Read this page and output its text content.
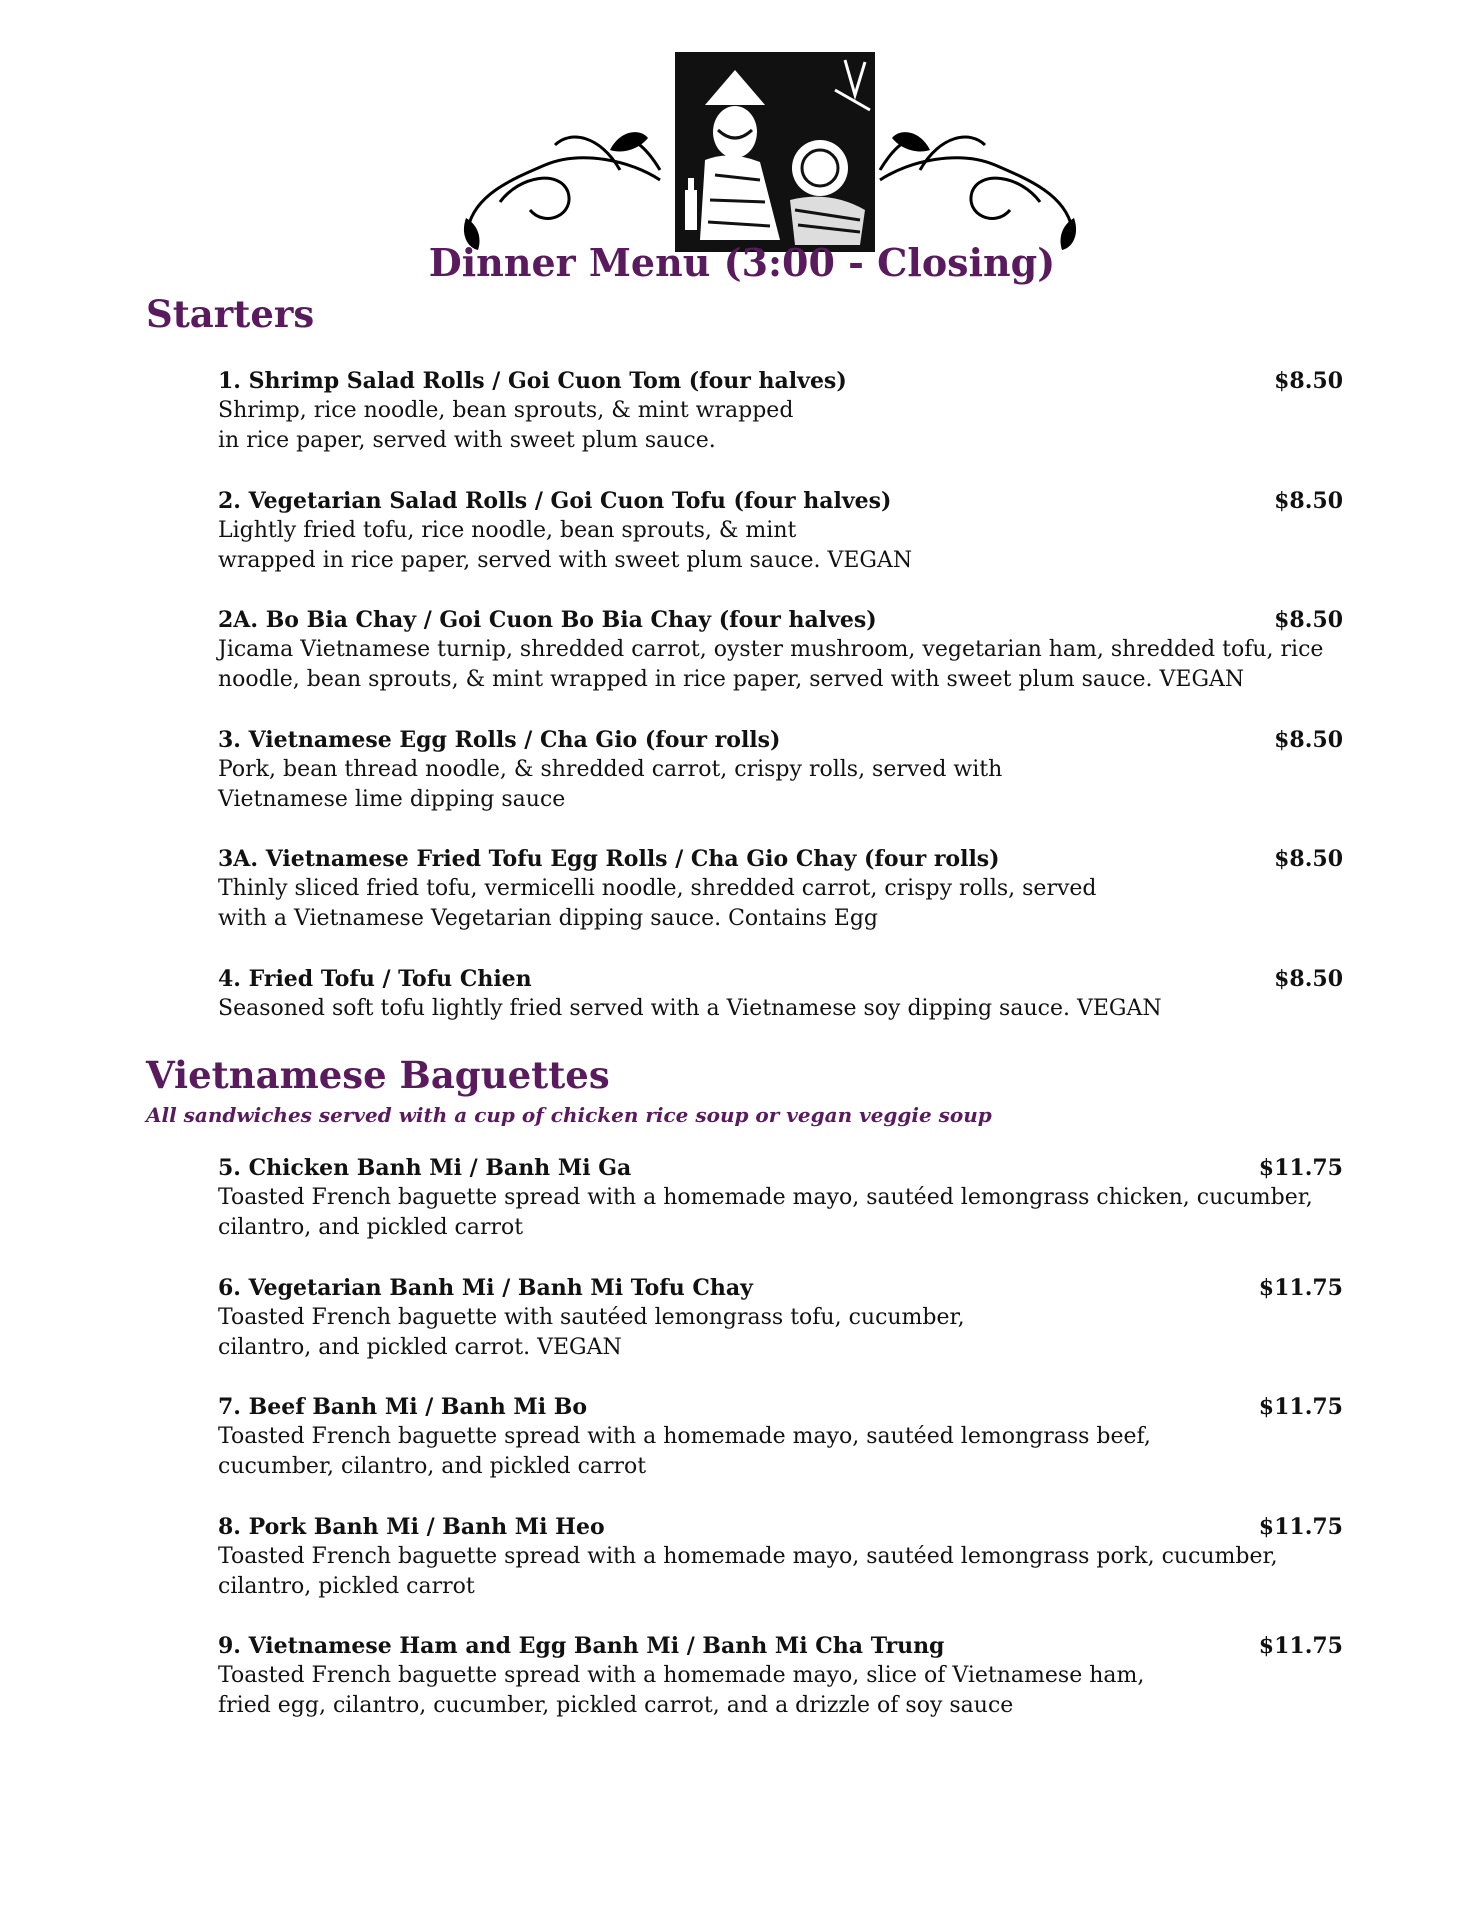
Dinner Menu (3:00 - Closing)
Starters
1. Shrimp Salad Rolls / Goi Cuon Tom (four halves)	$8.50
Shrimp, rice noodle, bean sprouts, & mint wrapped
in rice paper, served with sweet plum sauce.
2. Vegetarian Salad Rolls / Goi Cuon Tofu (four halves)	$8.50
Lightly fried tofu, rice noodle, bean sprouts, & mint
wrapped in rice paper, served with sweet plum sauce. VEGAN
2A. Bo Bia Chay / Goi Cuon Bo Bia Chay (four halves)	$8.50
Jicama Vietnamese turnip, shredded carrot, oyster mushroom, vegetarian ham, shredded tofu, rice
noodle, bean sprouts, & mint wrapped in rice paper, served with sweet plum sauce. VEGAN
3. Vietnamese Egg Rolls / Cha Gio (four rolls)	$8.50
Pork, bean thread noodle, & shredded carrot, crispy rolls, served with
Vietnamese lime dipping sauce
3A. Vietnamese Fried Tofu Egg Rolls / Cha Gio Chay (four rolls)	$8.50
Thinly sliced fried tofu, vermicelli noodle, shredded carrot, crispy rolls, served
with a Vietnamese Vegetarian dipping sauce. Contains Egg
4. Fried Tofu / Tofu Chien	$8.50
Seasoned soft tofu lightly fried served with a Vietnamese soy dipping sauce. VEGAN
Vietnamese Baguettes
All sandwiches served with a cup of chicken rice soup or vegan veggie soup
5. Chicken Banh Mi / Banh Mi Ga	$11.75
Toasted French baguette spread with a homemade mayo, sautéed lemongrass chicken, cucumber,
cilantro, and pickled carrot
6. Vegetarian Banh Mi / Banh Mi Tofu Chay	$11.75
Toasted French baguette with sautéed lemongrass tofu, cucumber,
cilantro, and pickled carrot. VEGAN
7. Beef Banh Mi / Banh Mi Bo	$11.75
Toasted French baguette spread with a homemade mayo, sautéed lemongrass beef,
cucumber, cilantro, and pickled carrot
8. Pork Banh Mi / Banh Mi Heo	$11.75
Toasted French baguette spread with a homemade mayo, sautéed lemongrass pork, cucumber,
cilantro, pickled carrot
9. Vietnamese Ham and Egg Banh Mi / Banh Mi Cha Trung	$11.75
Toasted French baguette spread with a homemade mayo, slice of Vietnamese ham,
fried egg, cilantro, cucumber, pickled carrot, and a drizzle of soy sauce
